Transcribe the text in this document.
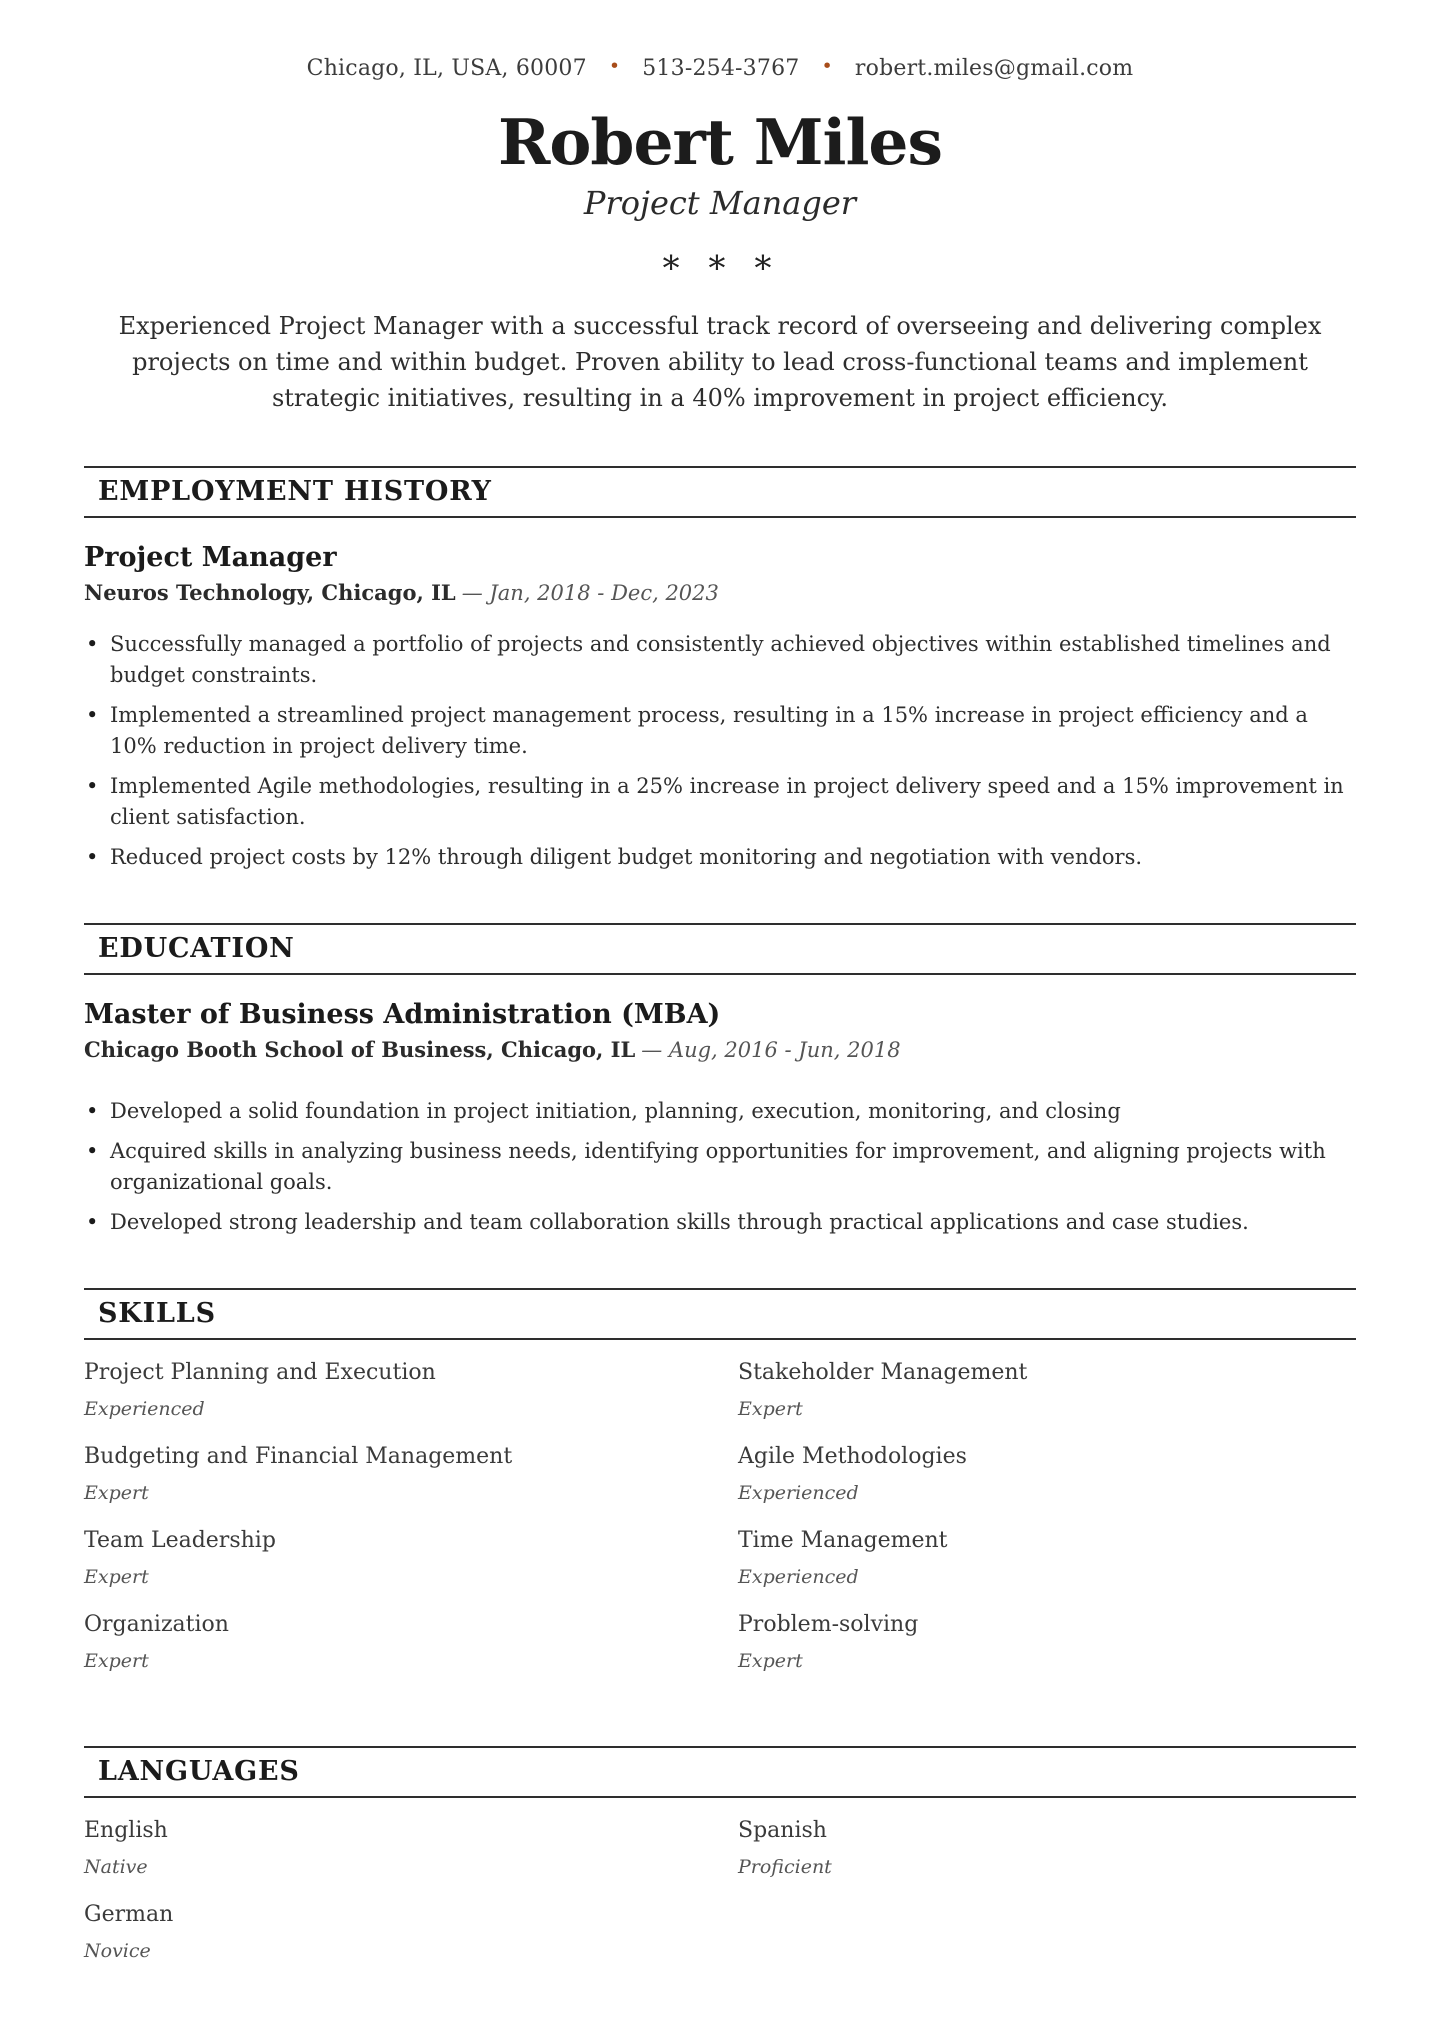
Chicago, IL, USA, 60007 • 513-254-3767 • robert.miles@gmail.com
Robert Miles
Project Manager
∗ ∗ ∗

Experienced Project Manager with a successful track record of overseeing and delivering complex projects on time and within budget. Proven ability to lead cross-functional teams and implement strategic initiatives, resulting in a 40% improvement in project efficiency.

EMPLOYMENT HISTORY
Project Manager
Neuros Technology, Chicago, IL — Jan, 2018 - Dec, 2023
• Successfully managed a portfolio of projects and consistently achieved objectives within established timelines and budget constraints.
• Implemented a streamlined project management process, resulting in a 15% increase in project efficiency and a 10% reduction in project delivery time.
• Implemented Agile methodologies, resulting in a 25% increase in project delivery speed and a 15% improvement in client satisfaction.
• Reduced project costs by 12% through diligent budget monitoring and negotiation with vendors.
EDUCATION
Master of Business Administration (MBA)
Chicago Booth School of Business, Chicago, IL — Aug, 2016 - Jun, 2018
• Developed a solid foundation in project initiation, planning, execution, monitoring, and closing
• Acquired skills in analyzing business needs, identifying opportunities for improvement, and aligning projects with organizational goals.
• Developed strong leadership and team collaboration skills through practical applications and case studies.
SKILLS
Project Planning and Execution
Experienced
Stakeholder Management
Expert
Budgeting and Financial Management
Expert
Agile Methodologies
Experienced
Team Leadership
Expert
Time Management
Experienced
Organization
Expert
Problem-solving
Expert
LANGUAGES
English
Native
Spanish
Proficient
German
Novice
